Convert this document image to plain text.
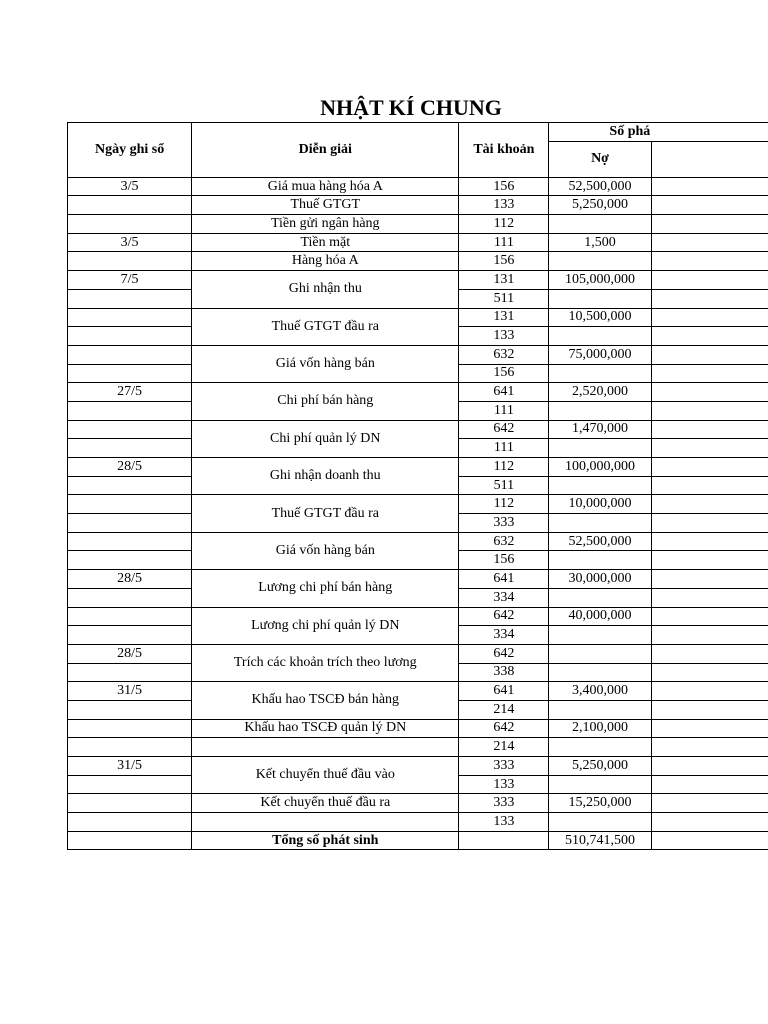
NHẬT KÍ CHUNG
Ngày ghi sổ	Diễn giải	Tài khoản	Số phá	
			Nợ	
3/5	Giá mua hàng hóa A	156	52,500,000	
	Thuế GTGT	133	5,250,000	
	Tiền gửi ngân hàng	112		
3/5	Tiền mặt	111	1,500	
	Hàng hóa A	156		
7/5	Ghi nhận thu	131	105,000,000	
		511		
	Thuế GTGT đầu ra	131	10,500,000	
		133		
	Giá vốn hàng bán	632	75,000,000	
		156		
27/5	Chi phí bán hàng	641	2,520,000	
		111		
	Chi phí quản lý DN	642	1,470,000	
		111		
28/5	Ghi nhận doanh thu	112	100,000,000	
		511		
	Thuế GTGT đầu ra	112	10,000,000	
		333		
	Giá vốn hàng bán	632	52,500,000	
		156		
28/5	Lương chi phí bán hàng	641	30,000,000	
		334		
	Lương chi phí quản lý DN	642	40,000,000	
		334		
28/5	Trích các khoản trích theo lương	642		
		338		
31/5	Khấu hao TSCĐ bán hàng	641	3,400,000	
		214		
	Khấu hao TSCĐ quản lý DN	642	2,100,000	
		214		
31/5	Kết chuyển thuế đầu vào	333	5,250,000	
		133		
	Kết chuyển thuế đầu ra	333	15,250,000	
		133		
	Tổng số phát sinh		510,741,500	
